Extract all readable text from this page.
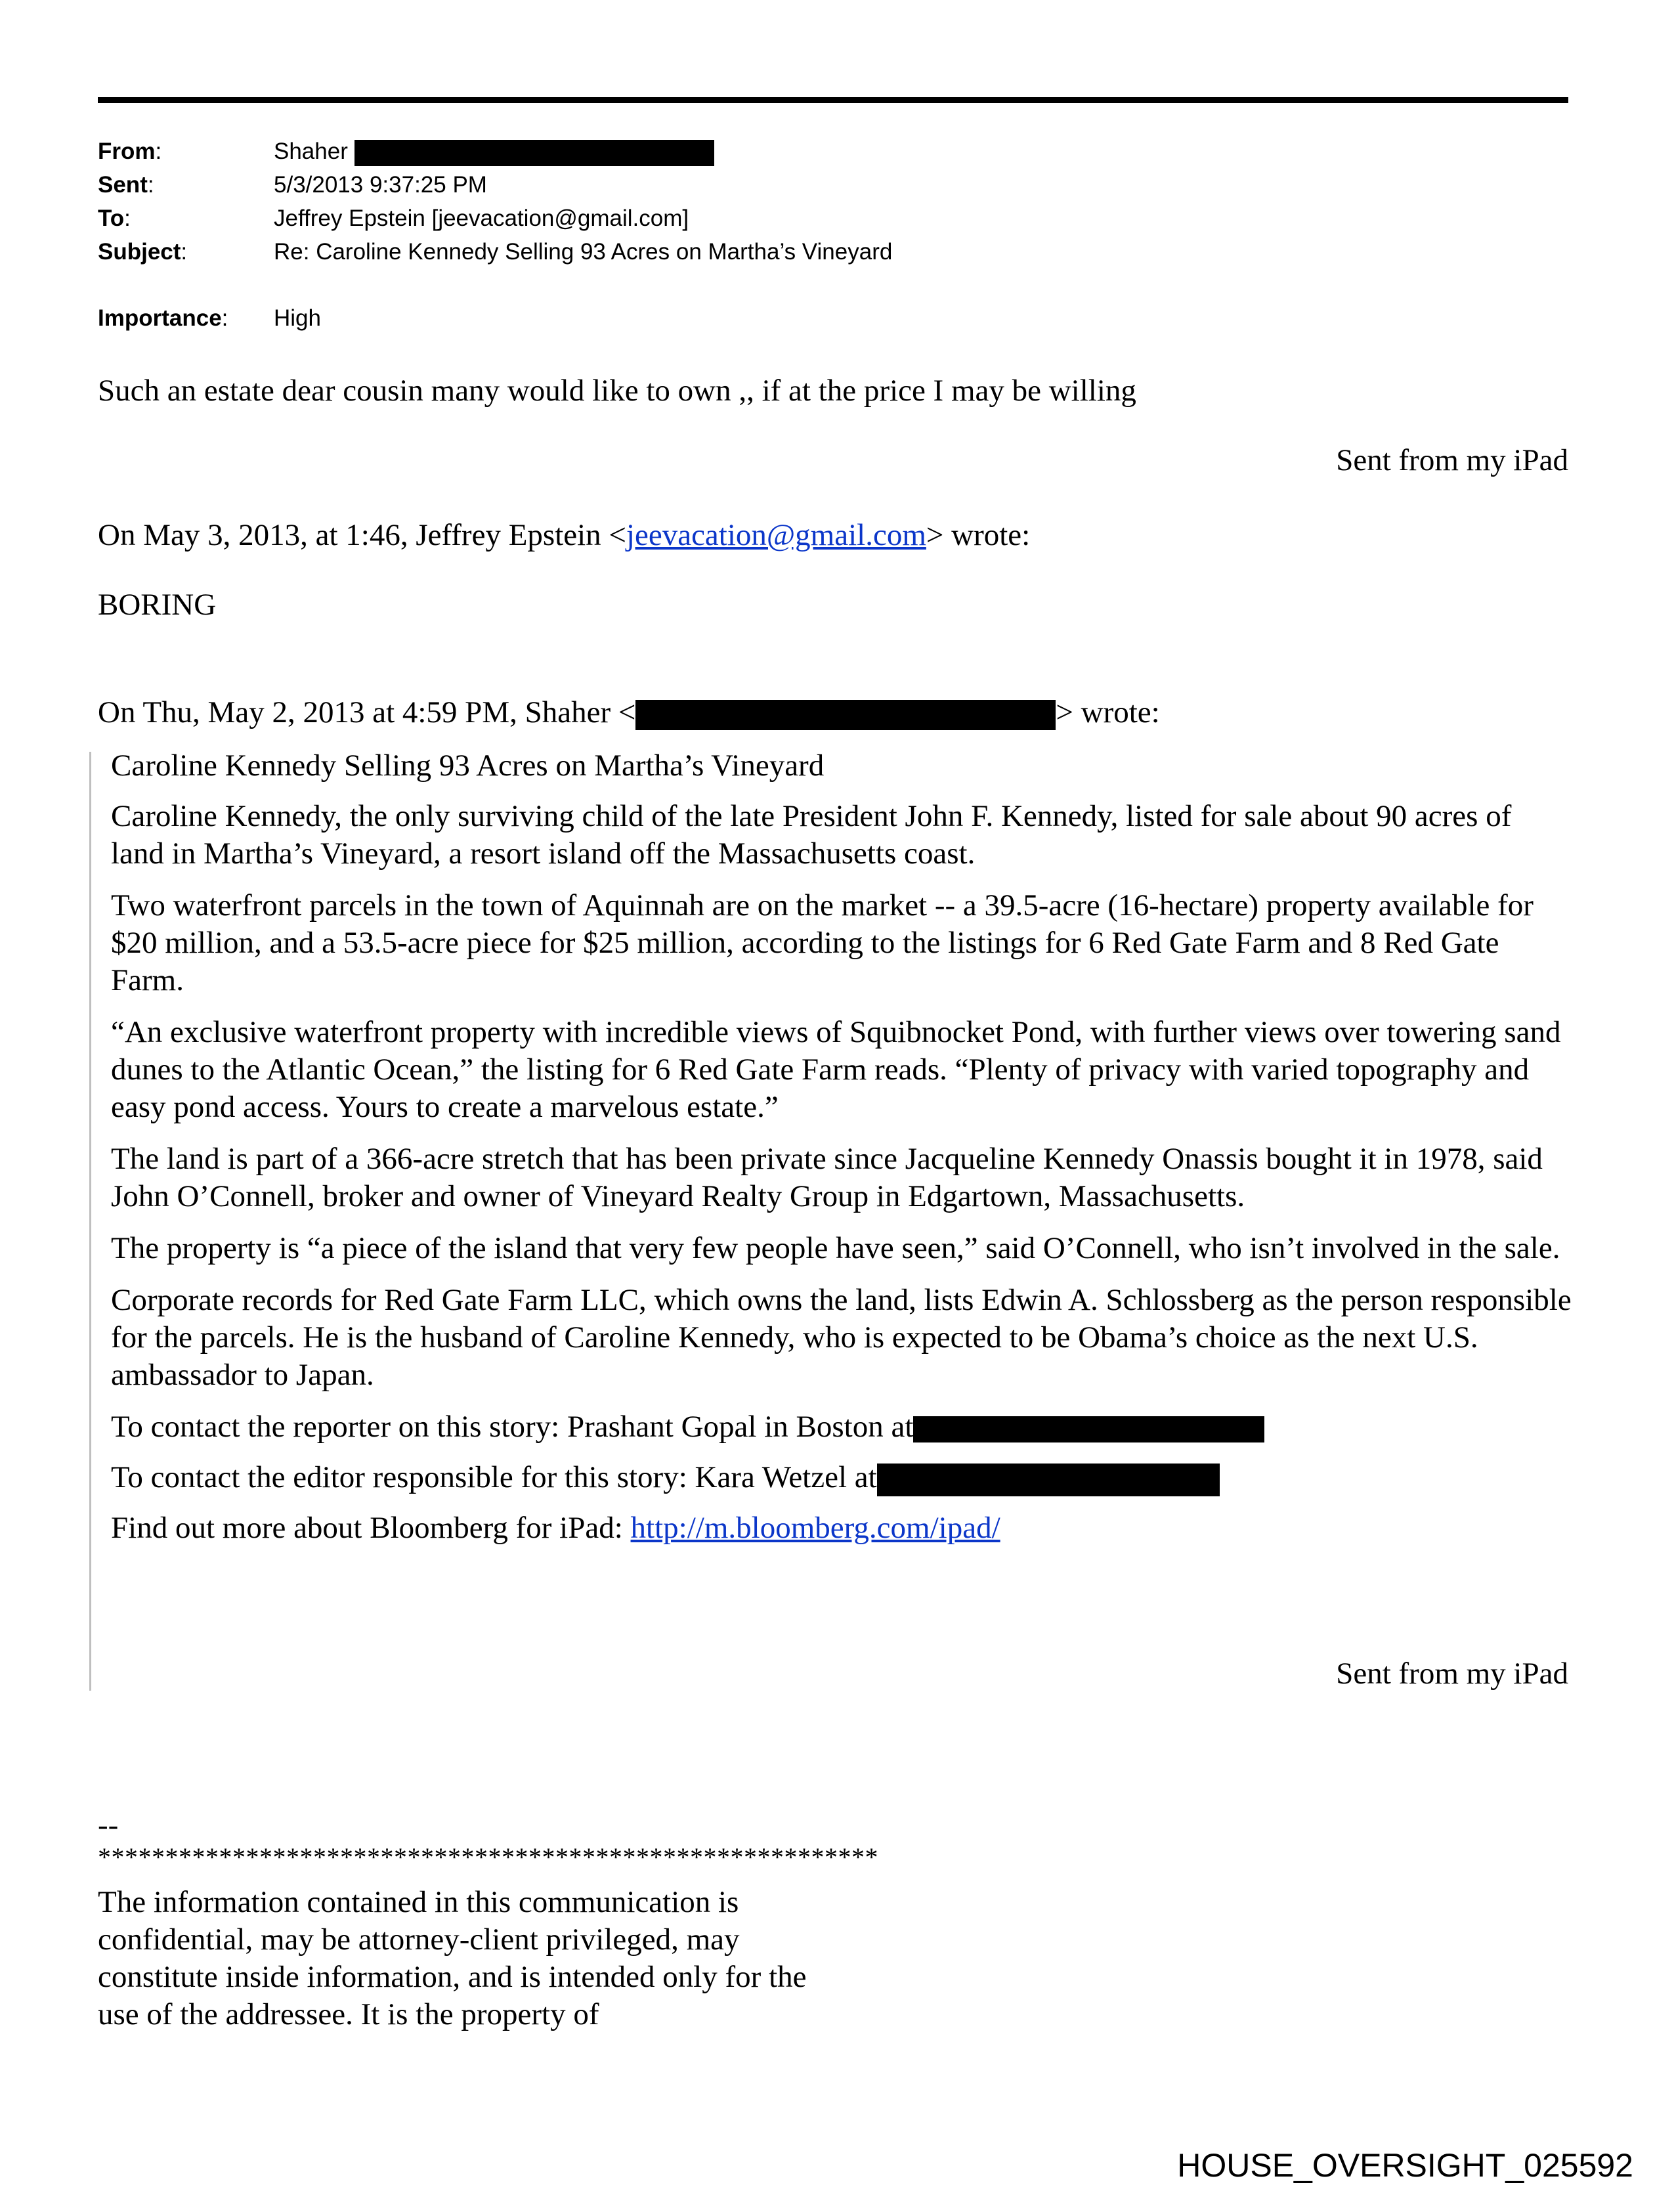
From:	Shaher
Sent:	5/3/2013 9:37:25 PM
To:	Jeffrey Epstein [jeevacation@gmail.com]
Subject:	Re: Caroline Kennedy Selling 93 Acres on Martha’s Vineyard
Importance: High
Such an estate dear cousin many would like to own ,, if at the price I may be willing
Sent from my iPad
On May 3, 2013, at 1:46, Jeffrey Epstein <jeevacation@gmail.com> wrote:
BORING
On Thu, May 2, 2013 at 4:59 PM, Shaher <	> wrote:

Caroline Kennedy Selling 93 Acres on Martha’s Vineyard

Caroline Kennedy, the only surviving child of the late President John F. Kennedy, listed for sale about 90 acres of land in Martha’s Vineyard, a resort island off the Massachusetts coast.

Two waterfront parcels in the town of Aquinnah are on the market -- a 39.5-acre (16-hectare) property available for $20 million, and a 53.5-acre piece for $25 million, according to the listings for 6 Red Gate Farm and 8 Red Gate Farm.

“An exclusive waterfront property with incredible views of Squibnocket Pond, with further views over towering sand dunes to the Atlantic Ocean,” the listing for 6 Red Gate Farm reads. “Plenty of privacy with varied topography and easy pond access. Yours to create a marvelous estate.”

The land is part of a 366-acre stretch that has been private since Jacqueline Kennedy Onassis bought it in 1978, said John O’Connell, broker and owner of Vineyard Realty Group in Edgartown, Massachusetts.

The property is “a piece of the island that very few people have seen,” said O’Connell, who isn’t involved in the sale.

Corporate records for Red Gate Farm LLC, which owns the land, lists Edwin A. Schlossberg as the person responsible for the parcels. He is the husband of Caroline Kennedy, who is expected to be Obama’s choice as the next U.S. ambassador to Japan.

To contact the reporter on this story: Prashant Gopal in Boston at

To contact the editor responsible for this story: Kara Wetzel at

Find out more about Bloomberg for iPad: http://m.bloomberg.com/ipad/

Sent from my iPad
--
**********************************************************
The information contained in this communication is confidential, may be attorney-client privileged, may constitute inside information, and is intended only for the use of the addressee. It is the property of
HOUSE_OVERSIGHT_025592
